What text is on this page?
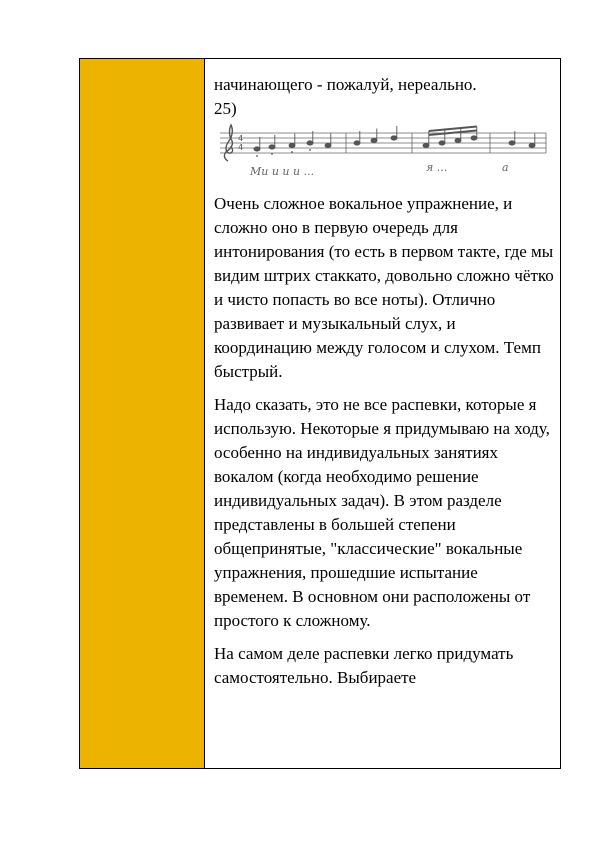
начинающего - пожалуй, нереально.

25)

4
4
Ми и и и ...	я ...	а

Очень сложное вокальное упражнение, и сложно оно в первую очередь для интонирования (то есть в первом такте, где мы видим штрих стаккато, довольно сложно чётко и чисто попасть во все ноты). Отлично развивает и музыкальный слух, и координацию между голосом и слухом. Темп быстрый.

Надо сказать, это не все распевки, которые я использую. Некоторые я придумываю на ходу, особенно на индивидуальных занятиях вокалом (когда необходимо решение индивидуальных задач). В этом разделе представлены в большей степени общепринятые, "классические" вокальные упражнения, прошедшие испытание временем. В основном они расположены от простого к сложному.

На самом деле распевки легко придумать самостоятельно. Выбираете
